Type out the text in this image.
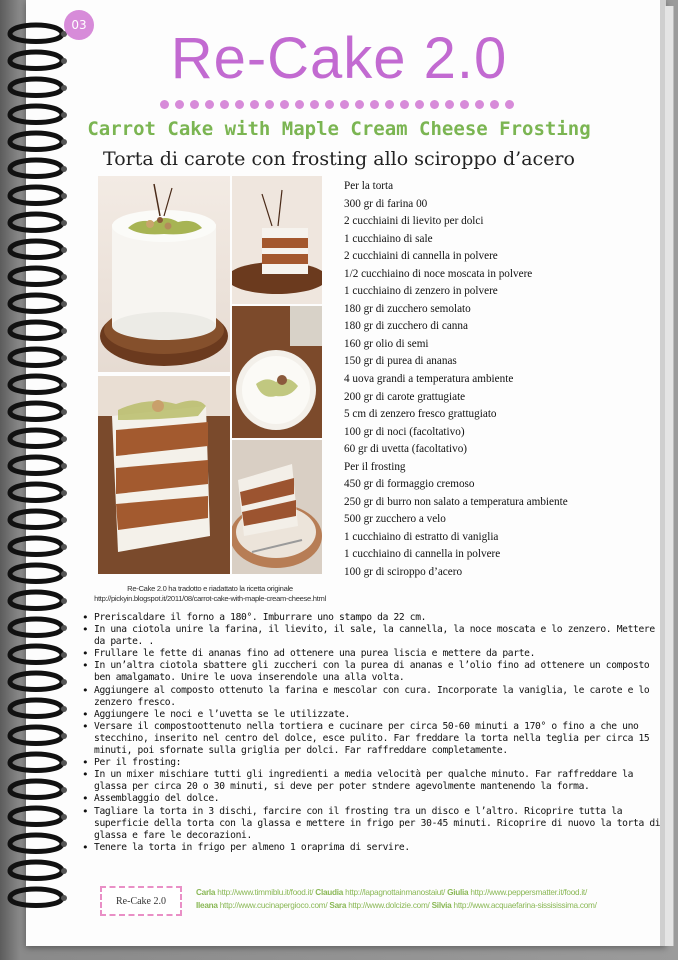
03
Re-Cake 2.0
Carrot Cake with Maple Cream Cheese Frosting
Torta di carote con frosting allo sciroppo d’acero
Per la torta
300 gr di farina 00
2 cucchiaini di lievito per dolci
1 cucchiaino di sale
2 cucchiaini di cannella in polvere
1/2 cucchiaino di noce moscata in polvere
1 cucchiaino di zenzero in polvere
180 gr di zucchero semolato
180 gr di zucchero di canna
160 gr olio di semi
150 gr di purea di ananas
4 uova grandi a temperatura ambiente
200 gr di carote grattugiate
5 cm di zenzero fresco grattugiato
100 gr di noci (facoltativo)
60 gr di uvetta (facoltativo)
Per il frosting
450 gr di formaggio cremoso
250 gr di burro non salato a temperatura ambiente
500 gr zucchero a velo
1 cucchiaino di estratto di vaniglia
1 cucchiaino di cannella in polvere
100 gr di sciroppo d’acero
Re-Cake 2.0 ha tradotto e riadattato la ricetta originale
http://pickyin.blogspot.it/2011/08/carrot-cake-with-maple-cream-cheese.html
• Preriscaldare il forno a 180°. Imburrare uno stampo da 22 cm.
• In una ciotola unire la farina, il lievito, il sale, la cannella, la noce moscata e lo zenzero. Mettere da parte. .
• Frullare le fette di ananas fino ad ottenere una purea liscia e mettere da parte.
• In un’altra ciotola sbattere gli zuccheri con la purea di ananas e l’olio fino ad ottenere un composto ben amalgamato. Unire le uova inserendole una alla volta.
• Aggiungere al composto ottenuto la farina e mescolar con cura. Incorporate la vaniglia, le carote e lo zenzero fresco.
• Aggiungere le noci e l’uvetta se le utilizzate.
• Versare il compostoottenuto nella tortiera e cucinare per circa 50-60 minuti a 170° o fino a che uno stecchino, inserito nel centro del dolce, esce pulito. Far freddare la torta nella teglia per circa 15 minuti, poi sfornate sulla griglia per dolci. Far raffreddare completamente.
• Per il frosting:
• In un mixer mischiare tutti gli ingredienti a media velocità per qualche minuto. Far raffreddare la glassa per circa 20 o 30 minuti, si deve per poter stndere agevolmente mantenendo la forma.
• Assemblaggio del dolce.
• Tagliare la torta in 3 dischi, farcire con il frosting tra un disco e l’altro. Ricoprire tutta la superficie della torta con la glassa e mettere in frigo per 30-45 minuti. Ricoprire di nuovo la torta di glassa e fare le decorazioni.
• Tenere la torta in frigo per almeno 1 oraprima di servire.
Re-Cake 2.0
Carla http://www.timmiblu.it/food.it/ Claudia http://lapagnottainmanostaiut/ Giulia http://www.peppersmatter.it/food.it/
Ileana http://www.cucinapergioco.com/ Sara http://www.dolcizie.com/ Silvia http://www.acquaefarina-sissisissima.com/
